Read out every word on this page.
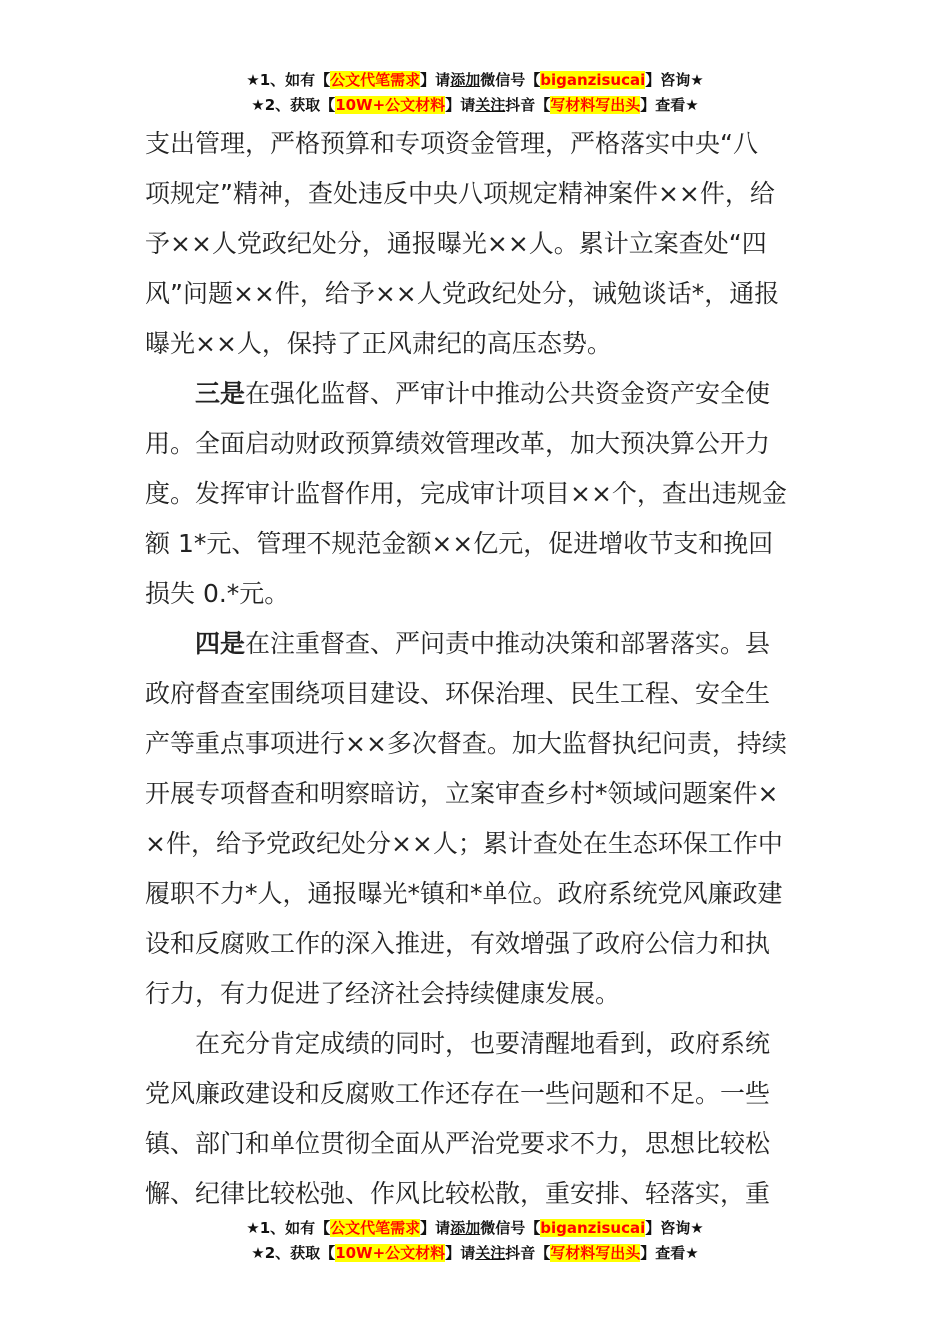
★1、如有【公文代笔需求】请添加微信号【biganzisucai】咨询★
★2、获取【10W+公文材料】请关注抖音【写材料写出头】查看★

支出管理，严格预算和专项资金管理，严格落实中央“八
项规定”精神，查处违反中央八项规定精神案件××件，给
予××人党政纪处分，通报曝光××人。累计立案查处“四
风”问题××件，给予××人党政纪处分，诫勉谈话*，通报
曝光××人，保持了正风肃纪的高压态势。

三是在强化监督、严审计中推动公共资金资产安全使
用。全面启动财政预算绩效管理改革，加大预决算公开力
度。发挥审计监督作用，完成审计项目××个，查出违规金
额 1*元、管理不规范金额××亿元，促进增收节支和挽回
损失 0.*元。

四是在注重督查、严问责中推动决策和部署落实。县
政府督查室围绕项目建设、环保治理、民生工程、安全生
产等重点事项进行××多次督查。加大监督执纪问责，持续
开展专项督查和明察暗访，立案审查乡村*领域问题案件×
×件，给予党政纪处分××人；累计查处在生态环保工作中
履职不力*人，通报曝光*镇和*单位。政府系统党风廉政建
设和反腐败工作的深入推进，有效增强了政府公信力和执
行力，有力促进了经济社会持续健康发展。

在充分肯定成绩的同时，也要清醒地看到，政府系统
党风廉政建设和反腐败工作还存在一些问题和不足。一些
镇、部门和单位贯彻全面从严治党要求不力，思想比较松
懈、纪律比较松弛、作风比较松散，重安排、轻落实，重

★1、如有【公文代笔需求】请添加微信号【biganzisucai】咨询★
★2、获取【10W+公文材料】请关注抖音【写材料写出头】查看★
